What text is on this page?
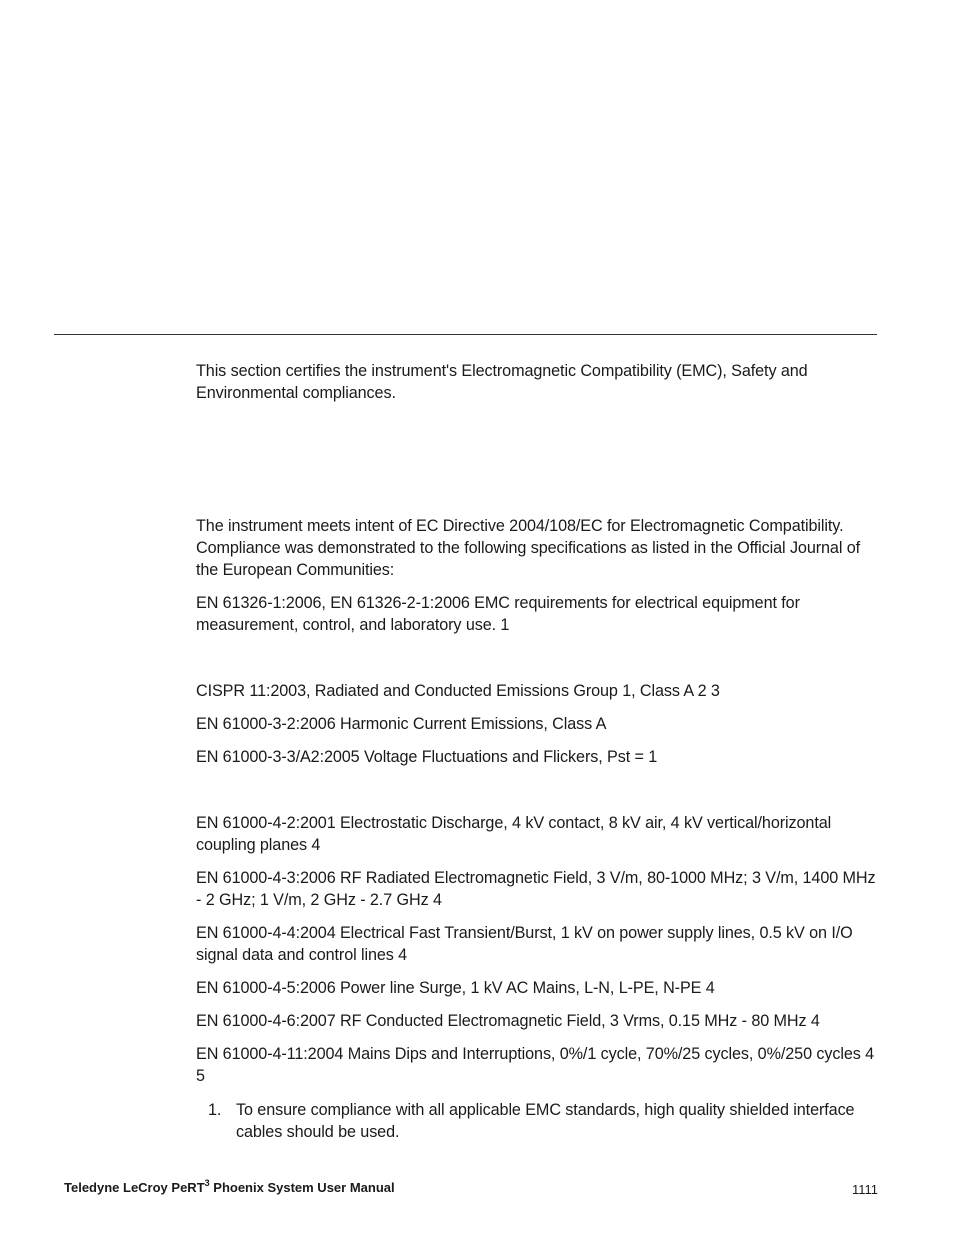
This section certifies the instrument's Electromagnetic Compatibility (EMC), Safety and Environmental compliances.

The instrument meets intent of EC Directive 2004/108/EC for Electromagnetic Compatibility. Compliance was demonstrated to the following specifications as listed in the Official Journal of the European Communities:

EN 61326-1:2006, EN 61326-2-1:2006 EMC requirements for electrical equipment for measurement, control, and laboratory use. 1

CISPR 11:2003, Radiated and Conducted Emissions Group 1, Class A 2 3

EN 61000-3-2:2006 Harmonic Current Emissions, Class A

EN 61000-3-3/A2:2005 Voltage Fluctuations and Flickers, Pst = 1

EN 61000-4-2:2001 Electrostatic Discharge, 4 kV contact, 8 kV air, 4 kV vertical/horizontal coupling planes 4

EN 61000-4-3:2006 RF Radiated Electromagnetic Field, 3 V/m, 80-1000 MHz; 3 V/m, 1400 MHz - 2 GHz; 1 V/m, 2 GHz - 2.7 GHz 4

EN 61000-4-4:2004 Electrical Fast Transient/Burst, 1 kV on power supply lines, 0.5 kV on I/O signal data and control lines 4

EN 61000-4-5:2006 Power line Surge, 1 kV AC Mains, L-N, L-PE, N-PE 4

EN 61000-4-6:2007 RF Conducted Electromagnetic Field, 3 Vrms, 0.15 MHz - 80 MHz 4

EN 61000-4-11:2004 Mains Dips and Interruptions, 0%/1 cycle, 70%/25 cycles, 0%/250 cycles 4 5

1. To ensure compliance with all applicable EMC standards, high quality shielded interface cables should be used.
Teledyne LeCroy PeRT$^3$ Phoenix System User Manual	1111
